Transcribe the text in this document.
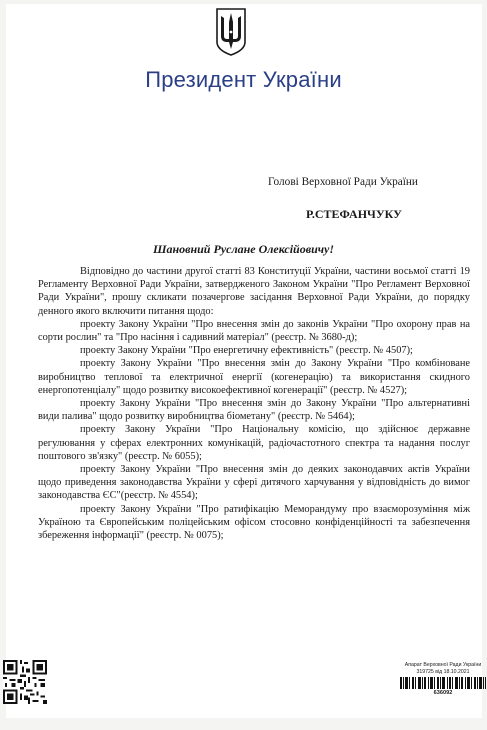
Президент України
Голові Верховної Ради України
Р.СТЕФАНЧУКУ
Шановний Руслане Олексійовичу!

Відповідно до частини другої статті 83 Конституції України, частини восьмої статті 19 Регламенту Верховної Ради України, затвердженого Законом України "Про Регламент Верховної Ради України", прошу скликати позачергове засідання Верховної Ради України, до порядку денного якого включити питання щодо:

проекту Закону України "Про внесення змін до законів України "Про охорону прав на сорти рослин" та "Про насіння і садивний матеріал" (реєстр. № 3680-д);

проекту Закону України "Про енергетичну ефективність" (реєстр. № 4507);

проекту Закону України "Про внесення змін до Закону України "Про комбіноване виробництво теплової та електричної енергії (когенерацію) та використання скидного енергопотенціалу" щодо розвитку високоефективної когенерації" (реєстр. № 4527);

проекту Закону України "Про внесення змін до Закону України "Про альтернативні види палива" щодо розвитку виробництва біометану" (реєстр. № 5464);

проекту Закону України "Про Національну комісію, що здійснює державне регулювання у сферах електронних комунікацій, радіочастотного спектра та надання послуг поштового зв'язку" (реєстр. № 6055);

проекту Закону України "Про внесення змін до деяких законодавчих актів України щодо приведення законодавства України у сфері дитячого харчування у відповідність до вимог законодавства ЄС"(реєстр. № 4554);

проекту Закону України "Про ратифікацію Меморандуму про взаєморозуміння між Україною та Європейським поліцейським офісом стосовно конфіденційності та забезпечення збереження інформації" (реєстр. № 0075);

Апарат Верховної Ради України
319725 від 18.10.2021
636092
